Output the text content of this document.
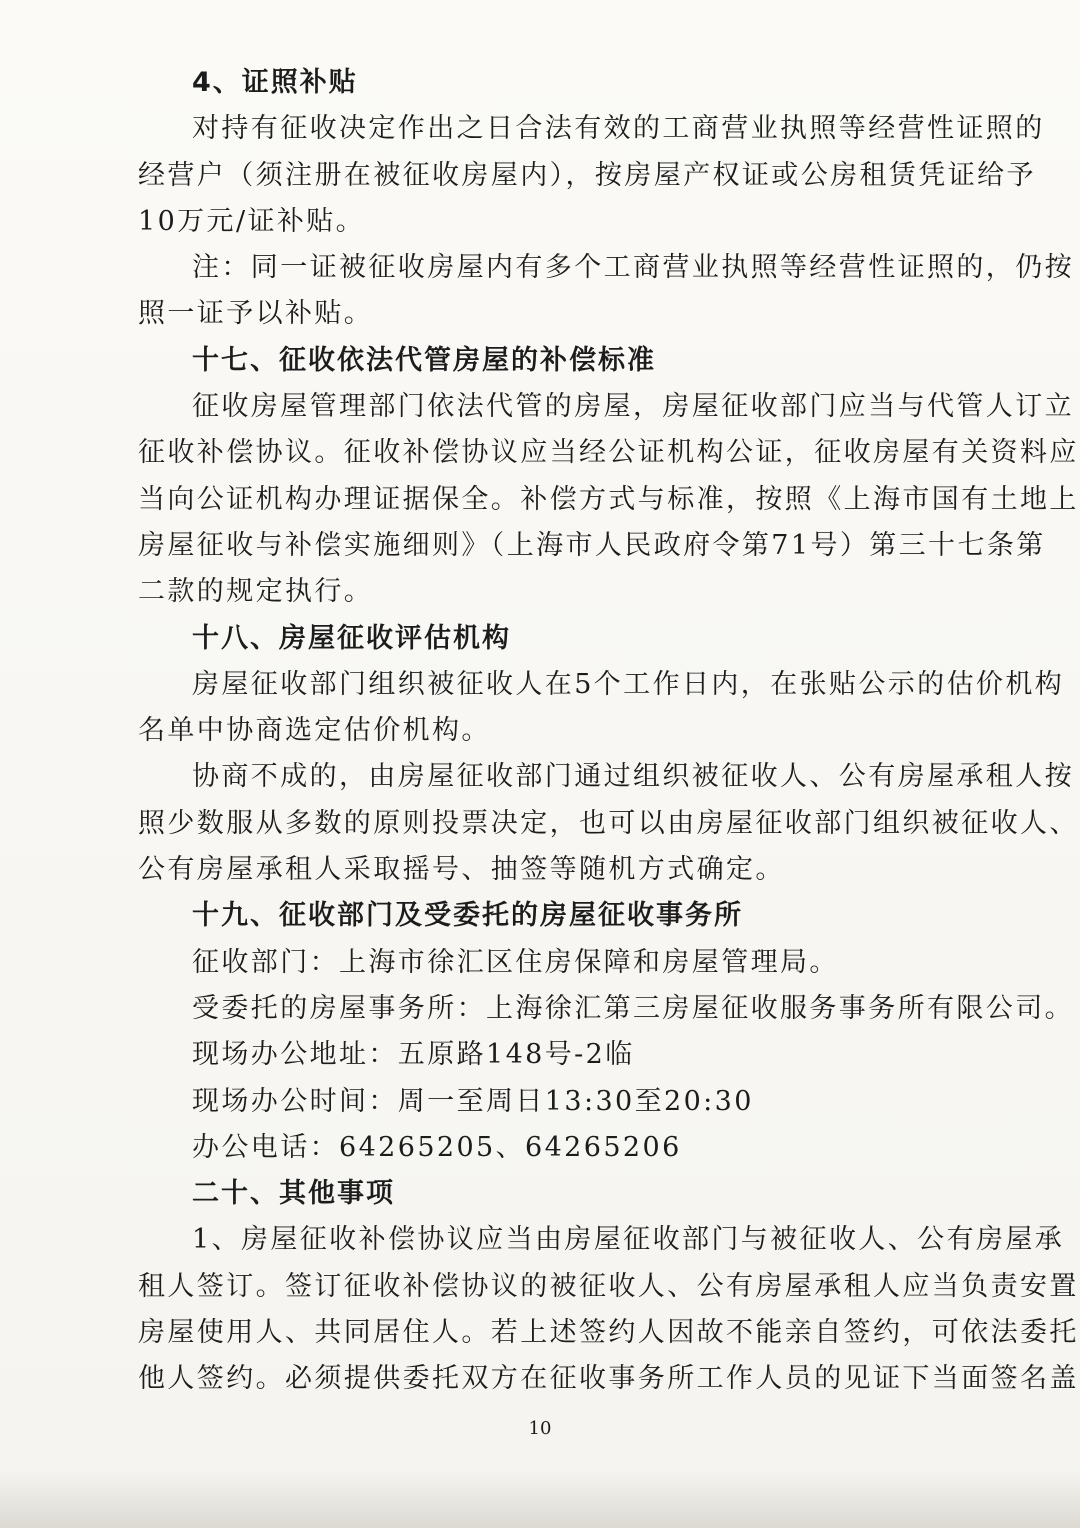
4、证照补贴
对持有征收决定作出之日合法有效的工商营业执照等经营性证照的
经营户（须注册在被征收房屋内），按房屋产权证或公房租赁凭证给予
10万元/证补贴。
注：同一证被征收房屋内有多个工商营业执照等经营性证照的，仍按
照一证予以补贴。
十七、征收依法代管房屋的补偿标准
征收房屋管理部门依法代管的房屋，房屋征收部门应当与代管人订立
征收补偿协议。征收补偿协议应当经公证机构公证，征收房屋有关资料应
当向公证机构办理证据保全。补偿方式与标准，按照《上海市国有土地上
房屋征收与补偿实施细则》（上海市人民政府令第71号）第三十七条第
二款的规定执行。
十八、房屋征收评估机构
房屋征收部门组织被征收人在5个工作日内，在张贴公示的估价机构
名单中协商选定估价机构。
协商不成的，由房屋征收部门通过组织被征收人、公有房屋承租人按
照少数服从多数的原则投票决定，也可以由房屋征收部门组织被征收人、
公有房屋承租人采取摇号、抽签等随机方式确定。
十九、征收部门及受委托的房屋征收事务所
征收部门：上海市徐汇区住房保障和房屋管理局。
受委托的房屋事务所：上海徐汇第三房屋征收服务事务所有限公司。
现场办公地址：五原路148号-2临
现场办公时间：周一至周日13:30至20:30
办公电话：64265205、64265206
二十、其他事项
1、房屋征收补偿协议应当由房屋征收部门与被征收人、公有房屋承
租人签订。签订征收补偿协议的被征收人、公有房屋承租人应当负责安置
房屋使用人、共同居住人。若上述签约人因故不能亲自签约，可依法委托
他人签约。必须提供委托双方在征收事务所工作人员的见证下当面签名盖
10
